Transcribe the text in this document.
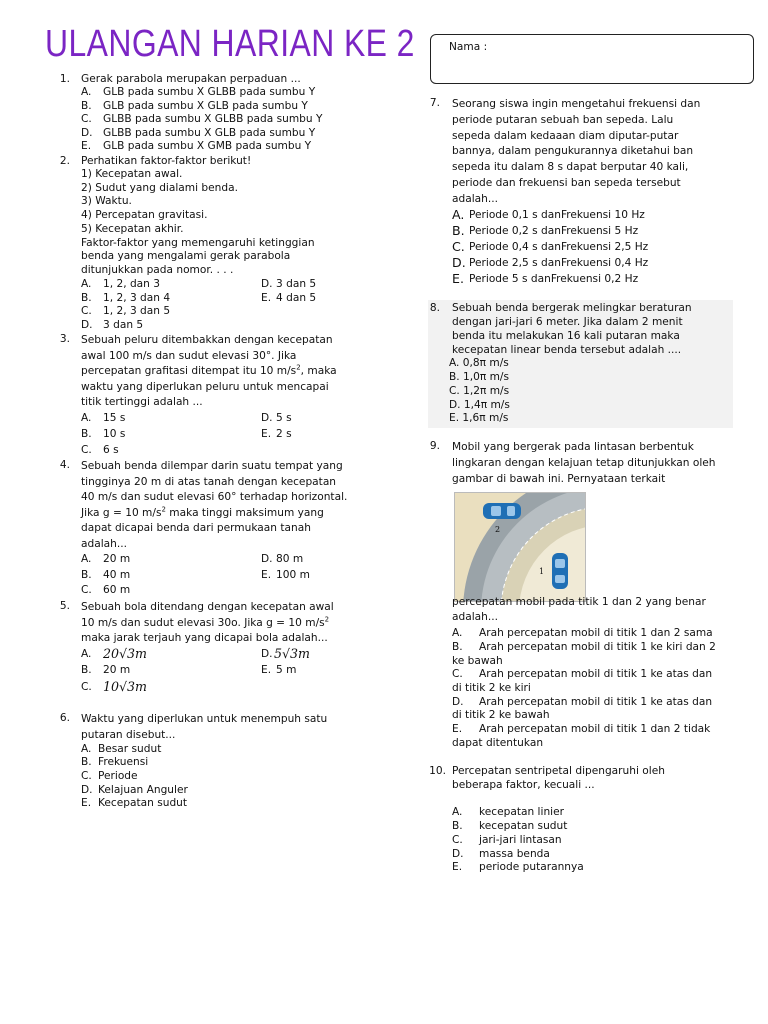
ULANGAN HARIAN KE 2	Nama :
1. Gerak parabola merupakan perpaduan ...
A.	GLB pada sumbu X GLBB pada sumbu Y
B.	GLB pada sumbu X GLB pada sumbu Y
C.	GLBB pada sumbu X GLBB pada sumbu Y
D. GLBB pada sumbu X GLB pada sumbu Y
E.	GLB pada sumbu X GMB pada sumbu Y
2. Perhatikan faktor-faktor berikut!
1) Kecepatan awal.
2) Sudut yang dialami benda.
3) Waktu.
4) Percepatan gravitasi.
5) Kecepatan akhir.
Faktor-faktor yang memengaruhi ketinggian
benda yang mengalami gerak parabola
ditunjukkan pada nomor. . . .
A.	1, 2, dan 3	D. 3 dan 5
B.	1, 2, 3 dan 4	E. 4 dan 5
C.	1, 2, 3 dan 5
D. 3 dan 5
3. Sebuah peluru ditembakkan dengan kecepatan
awal 100 m/s dan sudut elevasi 30°. Jika
percepatan grafitasi ditempat itu 10 $m/s^2$, maka
waktu yang diperlukan peluru untuk mencapai
titik tertinggi adalah ...
A.	15 s	D. 5 s
B.	10 s	E. 2 s
C.	6 s
4. Sebuah benda dilempar darin suatu tempat yang
tingginya 20 m di atas tanah dengan kecepatan
40 m/s dan sudut elevasi 60° terhadap horizontal.
Jika g = 10 $m/s^2$ maka tinggi maksimum yang
dapat dicapai benda dari permukaan tanah
adalah...
A.	20 m	D. 80 m
B.	40 m	E. 100 m
C.	60 m
5. Sebuah bola ditendang dengan kecepatan awal
10 m/s dan sudut elevasi 30o. Jika g = 10 $m/s^2$
maka jarak terjauh yang dicapai bola adalah...
A. 20√3m	D. 5√3m
B.	20 m	E. 5 m
C. 10√3m
6. Waktu yang diperlukan untuk menempuh satu
putaran disebut...
A. Besar sudut
B. Frekuensi
C. Periode
D. Kelajuan Anguler
E. Kecepatan sudut
7. Seorang siswa ingin mengetahui frekuensi dan
periode putaran sebuah ban sepeda. Lalu
sepeda dalam kedaaan diam diputar-putar
bannya, dalam pengukurannya diketahui ban
sepeda itu dalam 8 s dapat berputar 40 kali,
periode dan frekuensi ban sepeda tersebut
adalah...
A. Periode 0,1 s danFrekuensi 10 Hz
B. Periode 0,2 s danFrekuensi 5 Hz
C. Periode 0,4 s danFrekuensi 2,5 Hz
D. Periode 2,5 s danFrekuensi 0,4 Hz
E. Periode 5 s danFrekuensi 0,2 Hz
8. Sebuah benda bergerak melingkar beraturan
dengan jari-jari 6 meter. Jika dalam 2 menit
benda itu melakukan 16 kali putaran maka
kecepatan linear benda tersebut adalah ....
A. 0,8π m/s
B. 1,0π m/s
C. 1,2π m/s
D. 1,4π m/s
E. 1,6π m/s
9. Mobil yang bergerak pada lintasan berbentuk
lingkaran dengan kelajuan tetap ditunjukkan oleh
gambar di bawah ini. Pernyataan terkait
2
1
percepatan mobil pada titik 1 dan 2 yang benar
adalah...
A.	Arah percepatan mobil di titik 1 dan 2 sama
B.	Arah percepatan mobil di titik 1 ke kiri dan 2
ke bawah
C.	Arah percepatan mobil di titik 1 ke atas dan
di titik 2 ke kiri
D. Arah percepatan mobil di titik 1 ke atas dan
di titik 2 ke bawah
E.	Arah percepatan mobil di titik 1 dan 2 tidak
dapat ditentukan
10. Percepatan sentripetal dipengaruhi oleh
beberapa faktor, kecuali ...
A.	kecepatan linier
B.	kecepatan sudut
C.	jari-jari lintasan
D. massa benda
E.	periode putarannya
